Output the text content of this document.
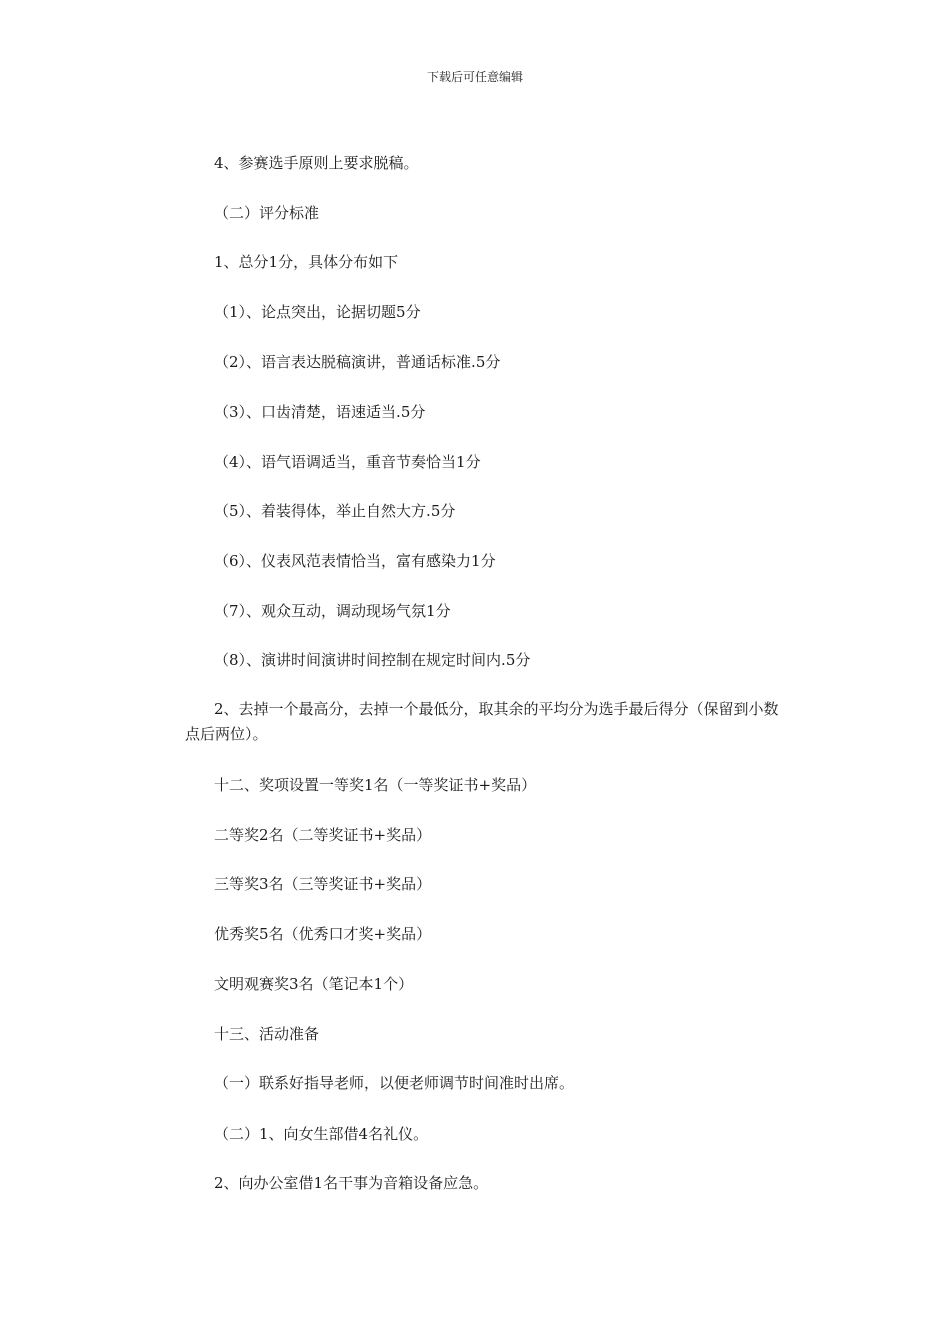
下载后可任意编辑
4、参赛选手原则上要求脱稿。
（二）评分标准
1、总分1分，具体分布如下
（1）、论点突出，论据切题5分
（2）、语言表达脱稿演讲，普通话标准.5分
（3）、口齿清楚，语速适当.5分
（4）、语气语调适当，重音节奏恰当1分
（5）、着装得体，举止自然大方.5分
（6）、仪表风范表情恰当，富有感染力1分
（7）、观众互动，调动现场气氛1分
（8）、演讲时间演讲时间控制在规定时间内.5分
2、去掉一个最高分，去掉一个最低分，取其余的平均分为选手最后得分（保留到小数点后两位）。
十二、奖项设置一等奖1名（一等奖证书+奖品）
二等奖2名（二等奖证书+奖品）
三等奖3名（三等奖证书+奖品）
优秀奖5名（优秀口才奖+奖品）
文明观赛奖3名（笔记本1个）
十三、活动准备
（一）联系好指导老师，以便老师调节时间准时出席。
（二）1、向女生部借4名礼仪。
2、向办公室借1名干事为音箱设备应急。
